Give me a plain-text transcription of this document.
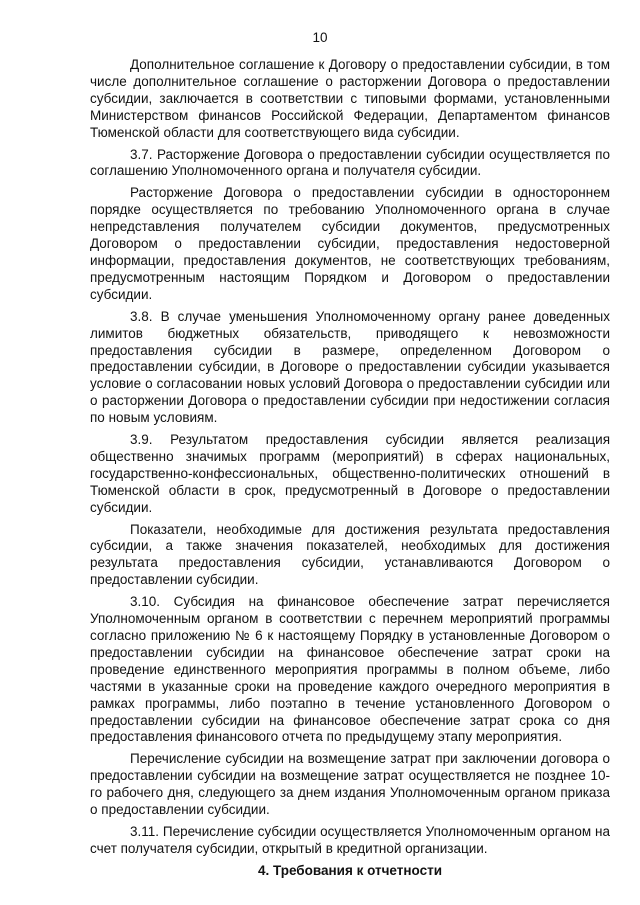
10

Дополнительное соглашение к Договору о предоставлении субсидии, в том числе дополнительное соглашение о расторжении Договора о предоставлении субсидии, заключается в соответствии с типовыми формами, установленными Министерством финансов Российской Федерации, Департаментом финансов Тюменской области для соответствующего вида субсидии.

3.7. Расторжение Договора о предоставлении субсидии осуществляется по соглашению Уполномоченного органа и получателя субсидии.

Расторжение Договора о предоставлении субсидии в одностороннем порядке осуществляется по требованию Уполномоченного органа в случае непредставления получателем субсидии документов, предусмотренных Договором о предоставлении субсидии, предоставления недостоверной информации, предоставления документов, не соответствующих требованиям, предусмотренным настоящим Порядком и Договором о предоставлении субсидии.

3.8. В случае уменьшения Уполномоченному органу ранее доведенных лимитов бюджетных обязательств, приводящего к невозможности предоставления субсидии в размере, определенном Договором о предоставлении субсидии, в Договоре о предоставлении субсидии указывается условие о согласовании новых условий Договора о предоставлении субсидии или о расторжении Договора о предоставлении субсидии при недостижении согласия по новым условиям.

3.9. Результатом предоставления субсидии является реализация общественно значимых программ (мероприятий) в сферах национальных, государственно-конфессиональных, общественно-политических отношений в Тюменской области в срок, предусмотренный в Договоре о предоставлении субсидии.

Показатели, необходимые для достижения результата предоставления субсидии, а также значения показателей, необходимых для достижения результата предоставления субсидии, устанавливаются Договором о предоставлении субсидии.

3.10. Субсидия на финансовое обеспечение затрат перечисляется Уполномоченным органом в соответствии с перечнем мероприятий программы согласно приложению № 6 к настоящему Порядку в установленные Договором о предоставлении субсидии на финансовое обеспечение затрат сроки на проведение единственного мероприятия программы в полном объеме, либо частями в указанные сроки на проведение каждого очередного мероприятия в рамках программы, либо поэтапно в течение установленного Договором о предоставлении субсидии на финансовое обеспечение затрат срока со дня предоставления финансового отчета по предыдущему этапу мероприятия.

Перечисление субсидии на возмещение затрат при заключении договора о предоставлении субсидии на возмещение затрат осуществляется не позднее 10-го рабочего дня, следующего за днем издания Уполномоченным органом приказа о предоставлении субсидии.

3.11. Перечисление субсидии осуществляется Уполномоченным органом на счет получателя субсидии, открытый в кредитной организации.

4. Требования к отчетности
